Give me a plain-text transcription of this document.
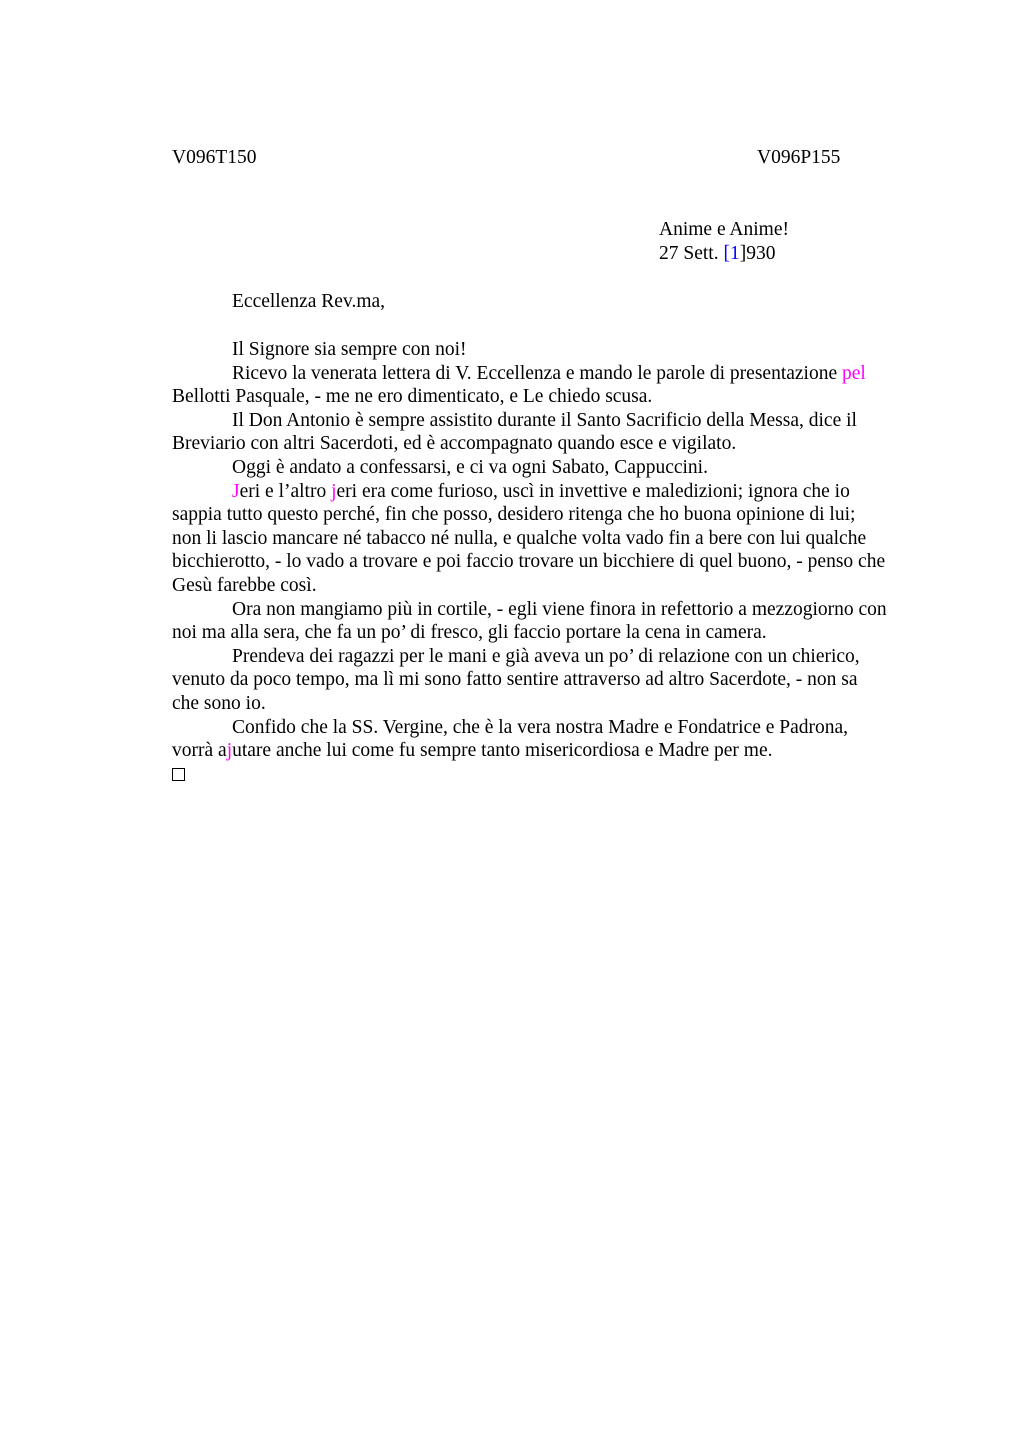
V096T150	V096P155
Anime e Anime!
27 Sett. [1]930
Eccellenza Rev.ma,

Il Signore sia sempre con noi!

Ricevo la venerata lettera di V. Eccellenza e mando le parole di presentazione pel
Bellotti Pasquale, - me ne ero dimenticato, e Le chiedo scusa.

Il Don Antonio è sempre assistito durante il Santo Sacrificio della Messa, dice il
Breviario con altri Sacerdoti, ed è accompagnato quando esce e vigilato.

Oggi è andato a confessarsi, e ci va ogni Sabato, Cappuccini.

Jeri e l’altro jeri era come furioso, uscì in invettive e maledizioni; ignora che io
sappia tutto questo perché, fin che posso, desidero ritenga che ho buona opinione di lui;
non li lascio mancare né tabacco né nulla, e qualche volta vado fin a bere con lui qualche
bicchierotto, - lo vado a trovare e poi faccio trovare un bicchiere di quel buono, - penso che
Gesù farebbe così.

Ora non mangiamo più in cortile, - egli viene finora in refettorio a mezzogiorno con
noi ma alla sera, che fa un po’ di fresco, gli faccio portare la cena in camera.

Prendeva dei ragazzi per le mani e già aveva un po’ di relazione con un chierico,
venuto da poco tempo, ma lì mi sono fatto sentire attraverso ad altro Sacerdote, - non sa
che sono io.

Confido che la SS. Vergine, che è la vera nostra Madre e Fondatrice e Padrona,
vorrà ajutare anche lui come fu sempre tanto misericordiosa e Madre per me.
